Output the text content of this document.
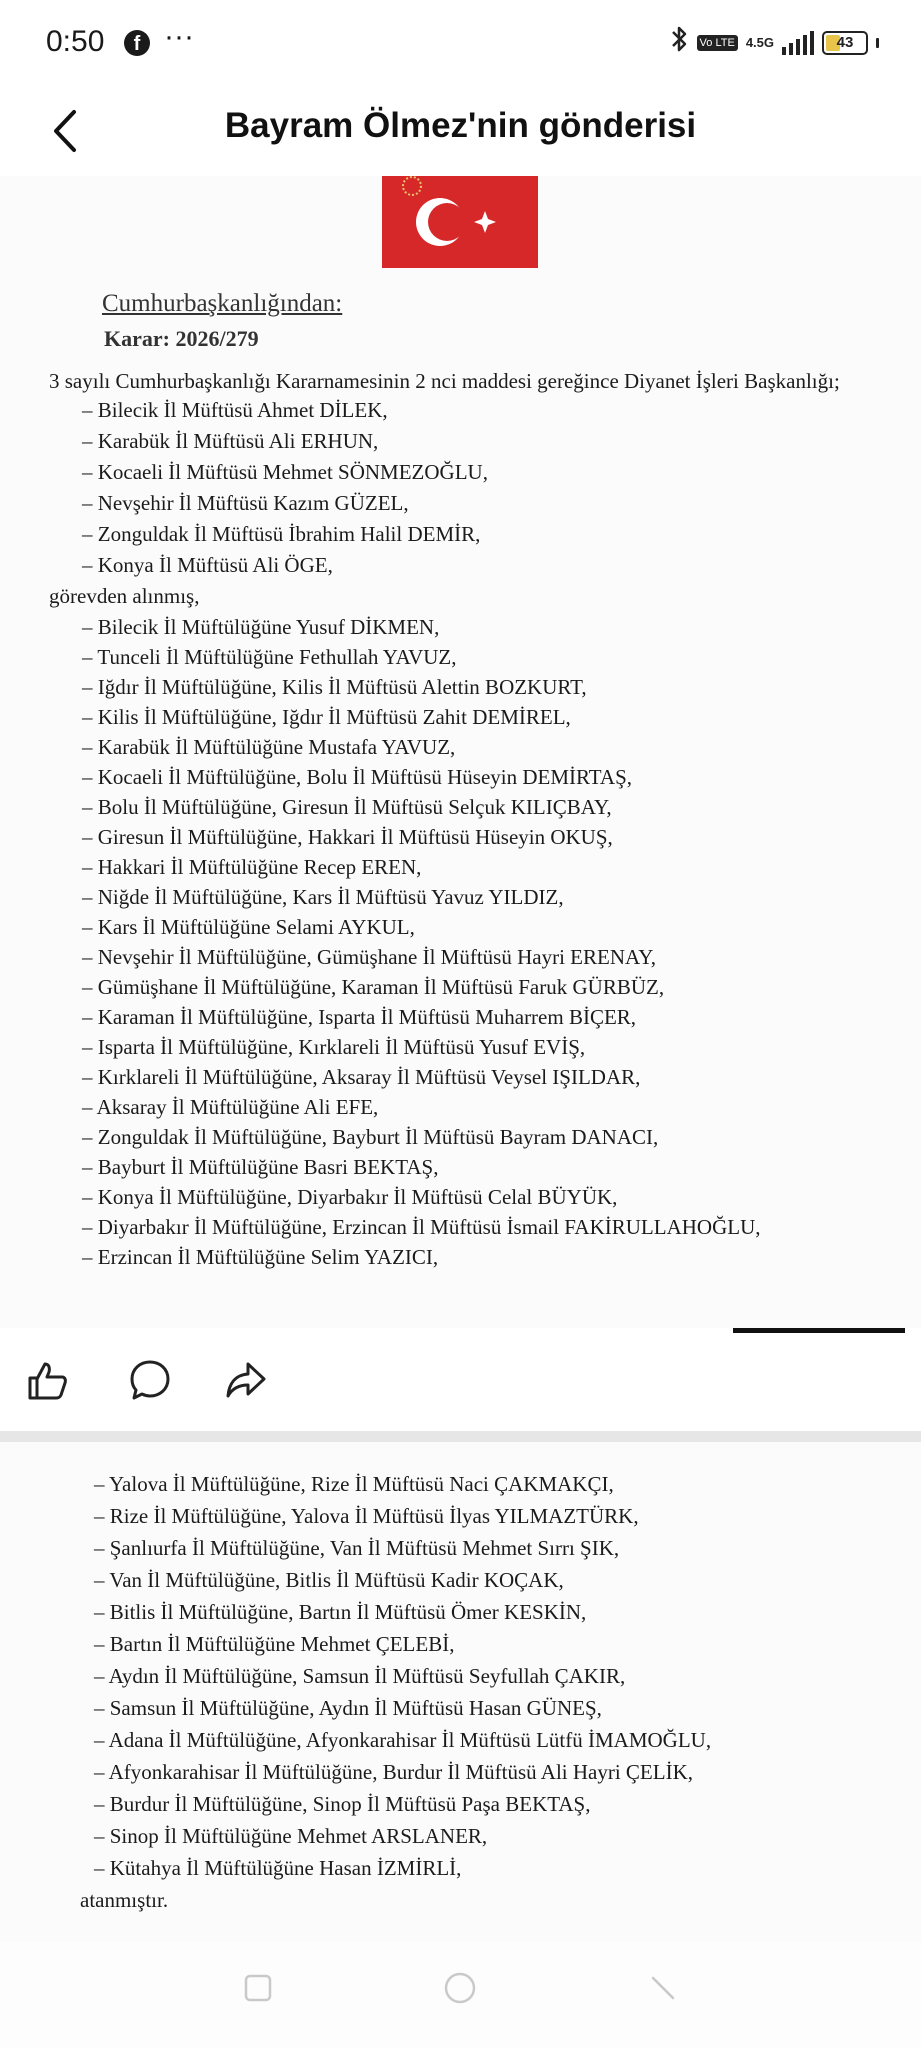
0:50	f ···	Vo LTE 4.5G	43
Bayram Ölmez'nin gönderisi
Cumhurbaşkanlığından:
Karar: 2026/279
3 sayılı Cumhurbaşkanlığı Kararnamesinin 2 nci maddesi gereğince Diyanet İşleri Başkanlığı;
– Bilecik İl Müftüsü Ahmet DİLEK,
– Karabük İl Müftüsü Ali ERHUN,
– Kocaeli İl Müftüsü Mehmet SÖNMEZOĞLU,
– Nevşehir İl Müftüsü Kazım GÜZEL,
– Zonguldak İl Müftüsü İbrahim Halil DEMİR,
– Konya İl Müftüsü Ali ÖGE,
görevden alınmış,
– Bilecik İl Müftülüğüne Yusuf DİKMEN,
– Tunceli İl Müftülüğüne Fethullah YAVUZ,
– Iğdır İl Müftülüğüne, Kilis İl Müftüsü Alettin BOZKURT,
– Kilis İl Müftülüğüne, Iğdır İl Müftüsü Zahit DEMİREL,
– Karabük İl Müftülüğüne Mustafa YAVUZ,
– Kocaeli İl Müftülüğüne, Bolu İl Müftüsü Hüseyin DEMİRTAŞ,
– Bolu İl Müftülüğüne, Giresun İl Müftüsü Selçuk KILIÇBAY,
– Giresun İl Müftülüğüne, Hakkari İl Müftüsü Hüseyin OKUŞ,
– Hakkari İl Müftülüğüne Recep EREN,
– Niğde İl Müftülüğüne, Kars İl Müftüsü Yavuz YILDIZ,
– Kars İl Müftülüğüne Selami AYKUL,
– Nevşehir İl Müftülüğüne, Gümüşhane İl Müftüsü Hayri ERENAY,
– Gümüşhane İl Müftülüğüne, Karaman İl Müftüsü Faruk GÜRBÜZ,
– Karaman İl Müftülüğüne, Isparta İl Müftüsü Muharrem BİÇER,
– Isparta İl Müftülüğüne, Kırklareli İl Müftüsü Yusuf EVİŞ,
– Kırklareli İl Müftülüğüne, Aksaray İl Müftüsü Veysel IŞILDAR,
– Aksaray İl Müftülüğüne Ali EFE,
– Zonguldak İl Müftülüğüne, Bayburt İl Müftüsü Bayram DANACI,
– Bayburt İl Müftülüğüne Basri BEKTAŞ,
– Konya İl Müftülüğüne, Diyarbakır İl Müftüsü Celal BÜYÜK,
– Diyarbakır İl Müftülüğüne, Erzincan İl Müftüsü İsmail FAKİRULLAHOĞLU,
– Erzincan İl Müftülüğüne Selim YAZICI,
– Yalova İl Müftülüğüne, Rize İl Müftüsü Naci ÇAKMAKÇI,
– Rize İl Müftülüğüne, Yalova İl Müftüsü İlyas YILMAZTÜRK,
– Şanlıurfa İl Müftülüğüne, Van İl Müftüsü Mehmet Sırrı ŞIK,
– Van İl Müftülüğüne, Bitlis İl Müftüsü Kadir KOÇAK,
– Bitlis İl Müftülüğüne, Bartın İl Müftüsü Ömer KESKİN,
– Bartın İl Müftülüğüne Mehmet ÇELEBİ,
– Aydın İl Müftülüğüne, Samsun İl Müftüsü Seyfullah ÇAKIR,
– Samsun İl Müftülüğüne, Aydın İl Müftüsü Hasan GÜNEŞ,
– Adana İl Müftülüğüne, Afyonkarahisar İl Müftüsü Lütfü İMAMOĞLU,
– Afyonkarahisar İl Müftülüğüne, Burdur İl Müftüsü Ali Hayri ÇELİK,
– Burdur İl Müftülüğüne, Sinop İl Müftüsü Paşa BEKTAŞ,
– Sinop İl Müftülüğüne Mehmet ARSLANER,
– Kütahya İl Müftülüğüne Hasan İZMİRLİ,
atanmıştır.
